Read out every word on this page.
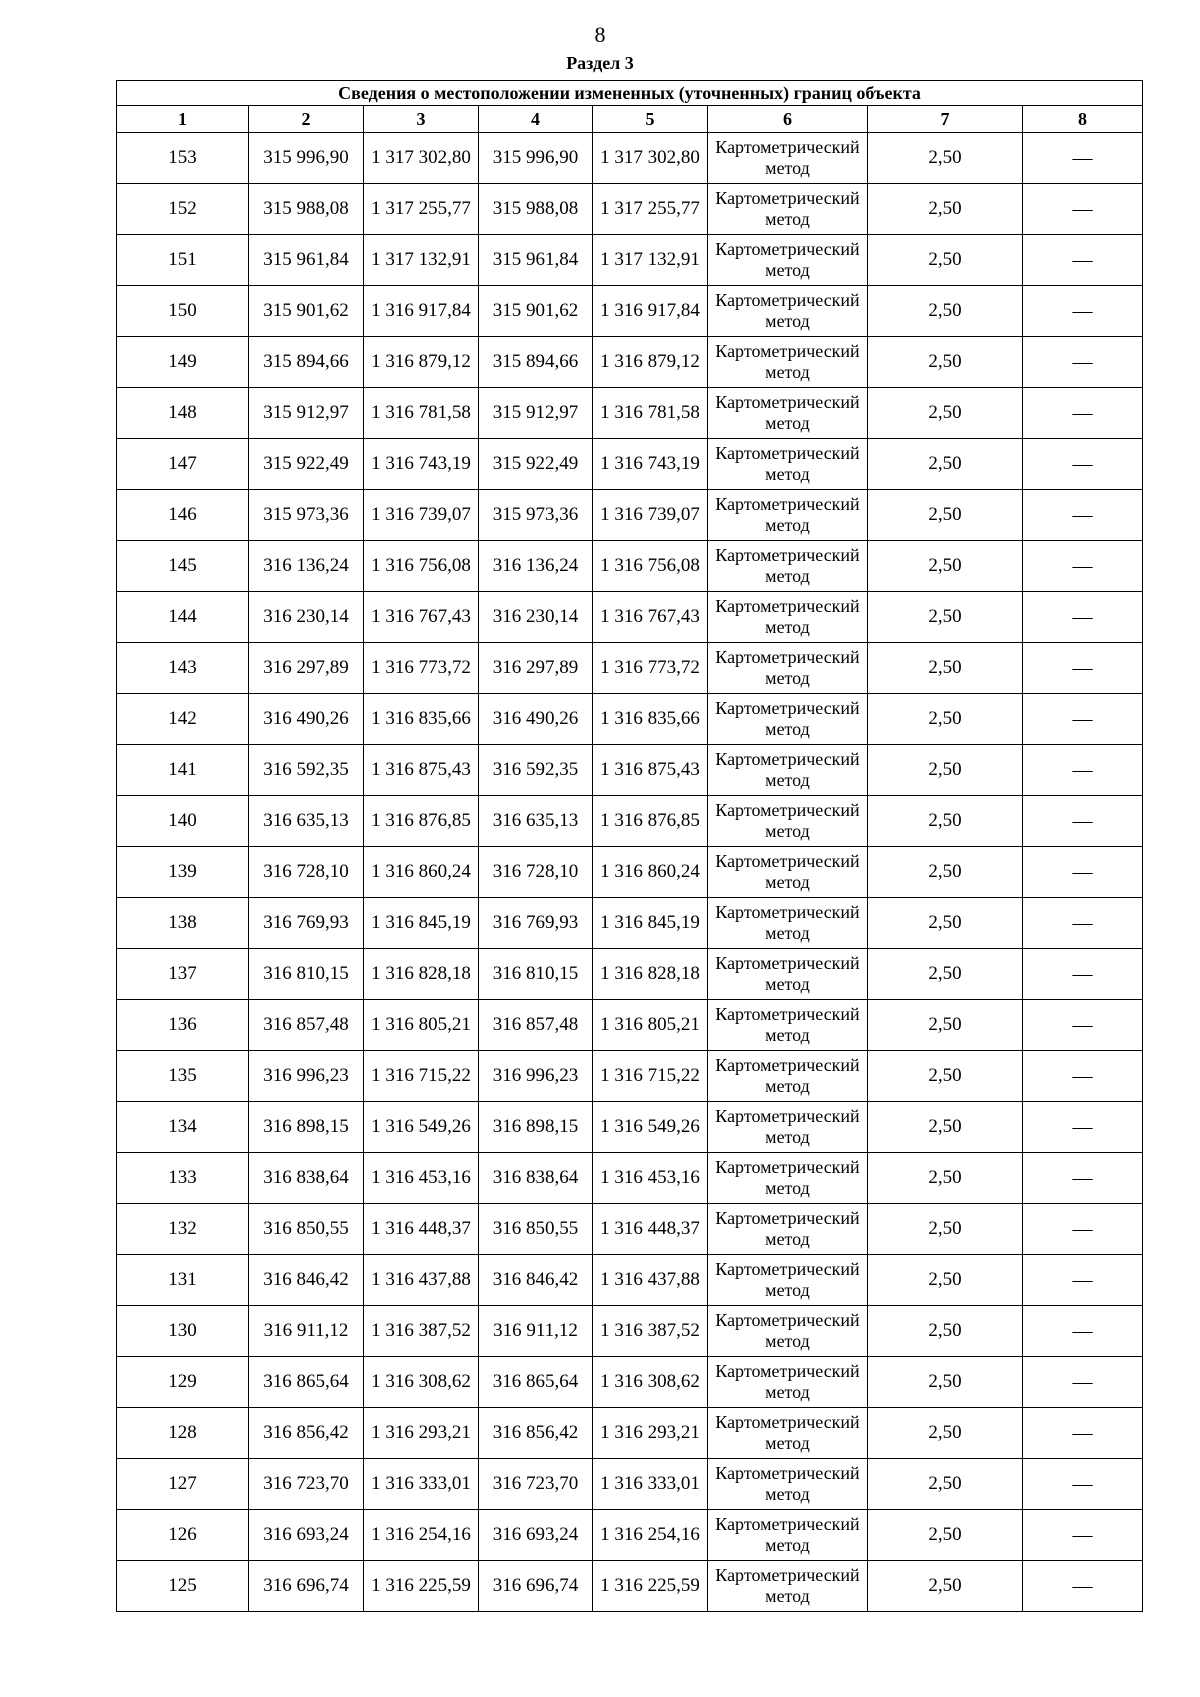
8
Раздел 3
Сведения о местоположении измененных (уточненных) границ объекта							
1	2	3	4	5	6	7	8
153	315 996,90	1 317 302,80	315 996,90	1 317 302,80	Картометрический метод	2,50	—
152	315 988,08	1 317 255,77	315 988,08	1 317 255,77	Картометрический метод	2,50	—
151	315 961,84	1 317 132,91	315 961,84	1 317 132,91	Картометрический метод	2,50	—
150	315 901,62	1 316 917,84	315 901,62	1 316 917,84	Картометрический метод	2,50	—
149	315 894,66	1 316 879,12	315 894,66	1 316 879,12	Картометрический метод	2,50	—
148	315 912,97	1 316 781,58	315 912,97	1 316 781,58	Картометрический метод	2,50	—
147	315 922,49	1 316 743,19	315 922,49	1 316 743,19	Картометрический метод	2,50	—
146	315 973,36	1 316 739,07	315 973,36	1 316 739,07	Картометрический метод	2,50	—
145	316 136,24	1 316 756,08	316 136,24	1 316 756,08	Картометрический метод	2,50	—
144	316 230,14	1 316 767,43	316 230,14	1 316 767,43	Картометрический метод	2,50	—
143	316 297,89	1 316 773,72	316 297,89	1 316 773,72	Картометрический метод	2,50	—
142	316 490,26	1 316 835,66	316 490,26	1 316 835,66	Картометрический метод	2,50	—
141	316 592,35	1 316 875,43	316 592,35	1 316 875,43	Картометрический метод	2,50	—
140	316 635,13	1 316 876,85	316 635,13	1 316 876,85	Картометрический метод	2,50	—
139	316 728,10	1 316 860,24	316 728,10	1 316 860,24	Картометрический метод	2,50	—
138	316 769,93	1 316 845,19	316 769,93	1 316 845,19	Картометрический метод	2,50	—
137	316 810,15	1 316 828,18	316 810,15	1 316 828,18	Картометрический метод	2,50	—
136	316 857,48	1 316 805,21	316 857,48	1 316 805,21	Картометрический метод	2,50	—
135	316 996,23	1 316 715,22	316 996,23	1 316 715,22	Картометрический метод	2,50	—
134	316 898,15	1 316 549,26	316 898,15	1 316 549,26	Картометрический метод	2,50	—
133	316 838,64	1 316 453,16	316 838,64	1 316 453,16	Картометрический метод	2,50	—
132	316 850,55	1 316 448,37	316 850,55	1 316 448,37	Картометрический метод	2,50	—
131	316 846,42	1 316 437,88	316 846,42	1 316 437,88	Картометрический метод	2,50	—
130	316 911,12	1 316 387,52	316 911,12	1 316 387,52	Картометрический метод	2,50	—
129	316 865,64	1 316 308,62	316 865,64	1 316 308,62	Картометрический метод	2,50	—
128	316 856,42	1 316 293,21	316 856,42	1 316 293,21	Картометрический метод	2,50	—
127	316 723,70	1 316 333,01	316 723,70	1 316 333,01	Картометрический метод	2,50	—
126	316 693,24	1 316 254,16	316 693,24	1 316 254,16	Картометрический метод	2,50	—
125	316 696,74	1 316 225,59	316 696,74	1 316 225,59	Картометрический метод	2,50	—
